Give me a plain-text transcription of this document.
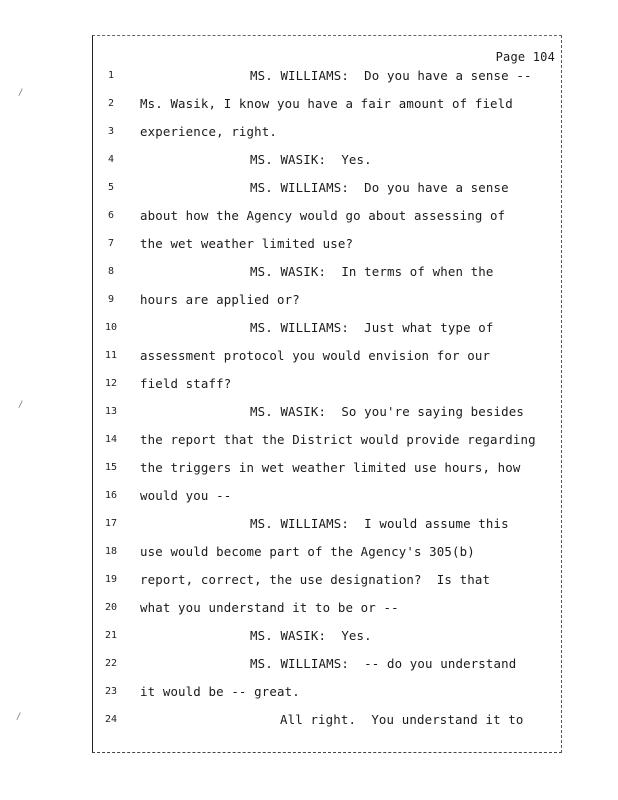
Page 104
/
/
/
1
2
3
4
5
6
7
8
9
10
11
12
13
14
15
16
17
18
19
20
21
22
23
24
MS. WILLIAMS:  Do you have a sense --
Ms. Wasik, I know you have a fair amount of field
experience, right.
MS. WASIK:  Yes.
MS. WILLIAMS:  Do you have a sense
about how the Agency would go about assessing of
the wet weather limited use?
MS. WASIK:  In terms of when the
hours are applied or?
MS. WILLIAMS:  Just what type of
assessment protocol you would envision for our
field staff?
MS. WASIK:  So you're saying besides
the report that the District would provide regarding
the triggers in wet weather limited use hours, how
would you --
MS. WILLIAMS:  I would assume this
use would become part of the Agency's 305(b)
report, correct, the use designation?  Is that
what you understand it to be or --
MS. WASIK:  Yes.
MS. WILLIAMS:  -- do you understand
it would be -- great.
All right.  You understand it to
